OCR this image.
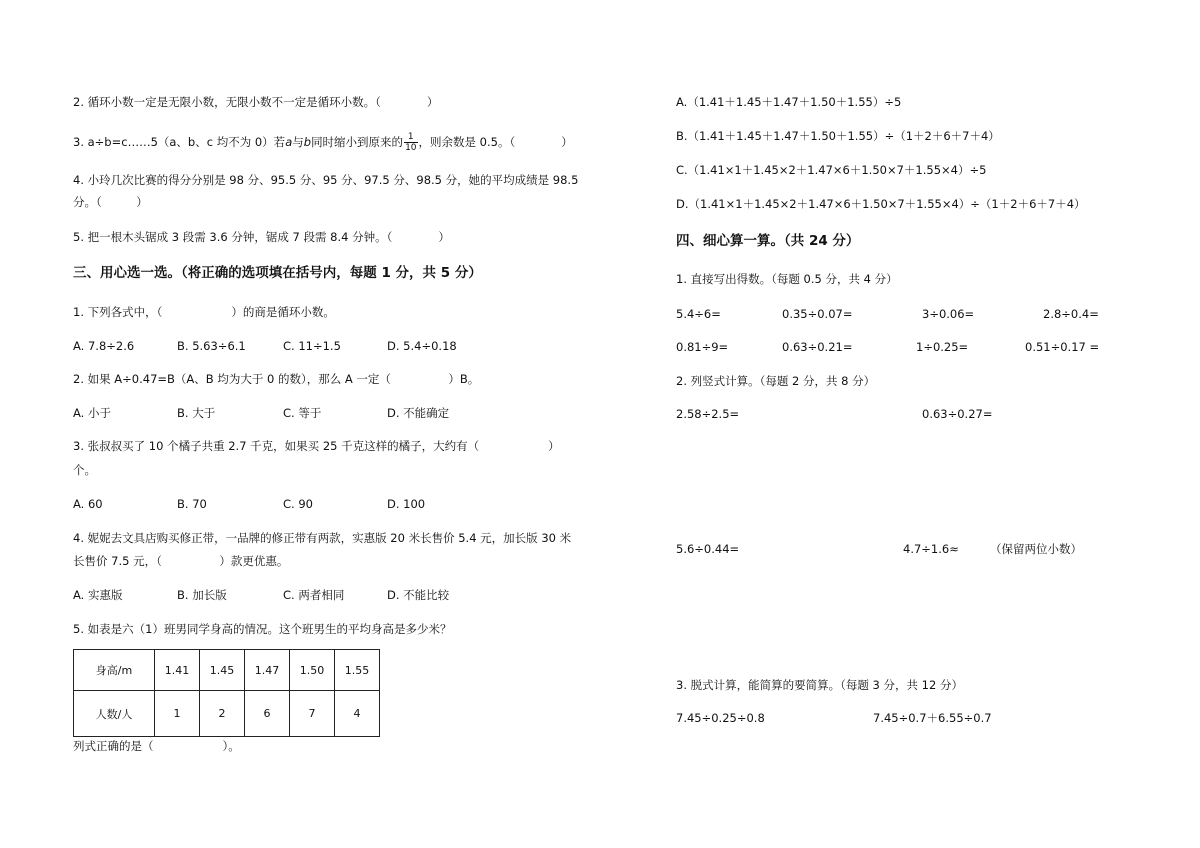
2. 循环小数一定是无限小数，无限小数不一定是循环小数。（　　　　）
3. a÷b=c……5（a、b、c 均不为 0）若a与b同时缩小到原来的 $\frac{1}{10}$ ，则余数是 0.5。（　　　　）
4. 小玲几次比赛的得分分别是 98 分、95.5 分、95 分、97.5 分、98.5 分，她的平均成绩是 98.5
分。（　　　）
5. 把一根木头锯成 3 段需 3.6 分钟，锯成 7 段需 8.4 分钟。（　　　　）
三、用心选一选。（将正确的选项填在括号内，每题 1 分，共 5 分）
1. 下列各式中，（　　　　　　）的商是循环小数。
A. 7.8÷2.6	B. 5.63÷6.1	C. 11÷1.5	D. 5.4÷0.18
2. 如果 A÷0.47=B（A、B 均为大于 0 的数），那么 A 一定（　　　　　）B。
A. 小于	B. 大于	C. 等于	D. 不能确定
3. 张叔叔买了 10 个橘子共重 2.7 千克，如果买 25 千克这样的橘子，大约有（　　　　　　）
个。
A. 60	B. 70	C. 90	D. 100
4. 妮妮去文具店购买修正带，一品牌的修正带有两款，实惠版 20 米长售价 5.4 元，加长版 30 米
长售价 7.5 元，（　　　　　）款更优惠。
A. 实惠版	B. 加长版	C. 两者相同	D. 不能比较
5. 如表是六（1）班男同学身高的情况。这个班男生的平均身高是多少米？
身高/m	1.41	1.45	1.47	1.50	1.55
人数/人	1	2	6	7	4
列式正确的是（　　　　　　）。
A.（1.41＋1.45＋1.47＋1.50＋1.55）÷5
B.（1.41＋1.45＋1.47＋1.50＋1.55）÷（1＋2＋6＋7＋4）
C.（1.41×1＋1.45×2＋1.47×6＋1.50×7＋1.55×4）÷5
D.（1.41×1＋1.45×2＋1.47×6＋1.50×7＋1.55×4）÷（1＋2＋6＋7＋4）
四、细心算一算。（共 24 分）
1. 直接写出得数。（每题 0.5 分，共 4 分）
5.4÷6=	0.35÷0.07=	3÷0.06=	2.8÷0.4=
0.81÷9=	0.63÷0.21=	1÷0.25=	0.51÷0.17 =
2. 列竖式计算。（每题 2 分，共 8 分）
2.58÷2.5=	0.63÷0.27=
5.6÷0.44=	4.7÷1.6≈	（保留两位小数）
3. 脱式计算，能简算的要简算。（每题 3 分，共 12 分）
7.45÷0.25÷0.8	7.45÷0.7＋6.55÷0.7
